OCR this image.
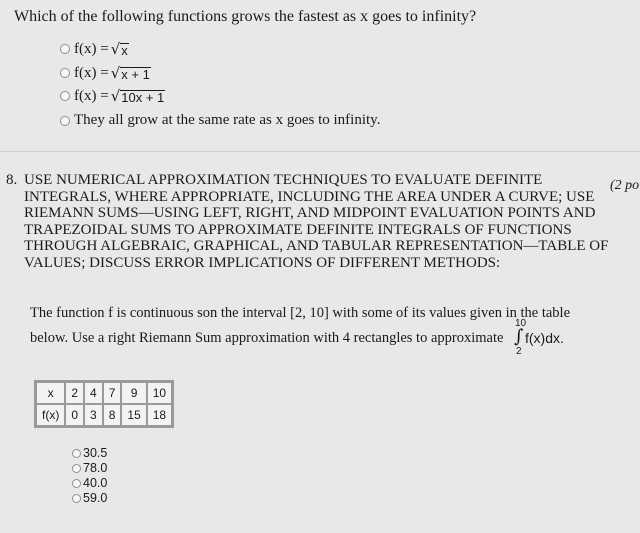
Which of the following functions grows the fastest as x goes to infinity?
f(x) = √ x
f(x) = √ x + 1
f(x) = √ 10x + 1
They all grow at the same rate as x goes to infinity.
8. USE NUMERICAL APPROXIMATION TECHNIQUES TO EVALUATE DEFINITE INTEGRALS, WHERE APPROPRIATE, INCLUDING THE AREA UNDER A CURVE; USE RIEMANN SUMS—USING LEFT, RIGHT, AND MIDPOINT EVALUATION POINTS AND TRAPEZOIDAL SUMS TO APPROXIMATE DEFINITE INTEGRALS OF FUNCTIONS THROUGH ALGEBRAIC, GRAPHICAL, AND TABULAR REPRESENTATION—TABLE OF VALUES; DISCUSS ERROR IMPLICATIONS OF DIFFERENT METHODS:
(2 po
The function f is continuous son the interval [2, 10] with some of its values given in the table
below. Use a right Riemann Sum approximation with 4 rectangles to approximate
10
∫
2
f(x)dx.
x	2	4	7	9	10
f(x)	0	3	8	15	18
30.5
78.0
40.0
59.0
